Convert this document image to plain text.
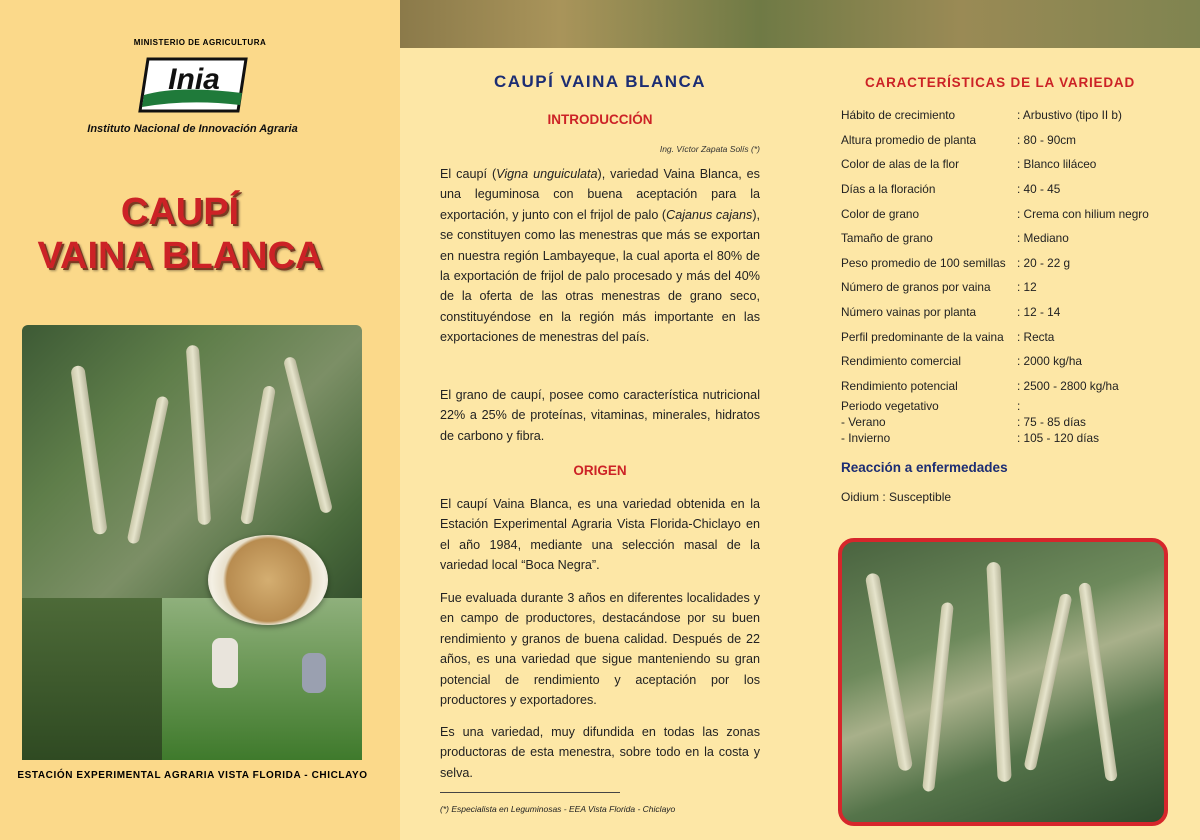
MINISTERIO DE AGRICULTURA
Inia
Instituto Nacional de Innovación Agraria
CAUPÍ
VAINA BLANCA
ESTACIÓN EXPERIMENTAL AGRARIA VISTA FLORIDA - CHICLAYO
CAUPÍ VAINA BLANCA
INTRODUCCIÓN
Ing. Víctor Zapata Solís (*)
El caupí (Vigna unguiculata), variedad Vaina Blanca, es una leguminosa con buena aceptación para la exportación, y junto con el frijol de palo (Cajanus cajans), se constituyen como las menestras que más se exportan en nuestra región Lambayeque, la cual aporta el 80% de la exportación de frijol de palo procesado y más del 40% de la oferta de las otras menestras de grano seco, constituyéndose en la región más importante en las exportaciones de menestras del país.
El grano de caupí, posee como característica nutricional 22% a 25% de proteínas, vitaminas, minerales, hidratos de carbono y fibra.
ORIGEN
El caupí Vaina Blanca, es una variedad obtenida en la Estación Experimental Agraria Vista Florida-Chiclayo en el año 1984, mediante una selección masal de la variedad local “Boca Negra”.
Fue evaluada durante 3 años en diferentes localidades y en campo de productores, destacándose por su buen rendimiento y granos de buena calidad. Después de 22 años, es una variedad que sigue manteniendo su gran potencial de rendimiento y aceptación por los productores y exportadores.
Es una variedad, muy difundida en todas las zonas productoras de esta menestra, sobre todo en la costa y selva.
(*) Especialista en Leguminosas - EEA Vista Florida - Chiclayo
CARACTERÍSTICAS DE LA VARIEDAD
Hábito de crecimiento	: Arbustivo (tipo II b)
Altura promedio de planta	: 80 - 90cm
Color de alas de la flor	: Blanco liláceo
Días a la floración	: 40 - 45
Color de grano	: Crema con hilium negro
Tamaño de grano	: Mediano
Peso promedio de 100 semillas : 20 - 22 g
Número de granos por vaina	: 12
Número vainas por planta	: 12 - 14
Perfil predominante de la vaina	: Recta
Rendimiento comercial	: 2000 kg/ha
Rendimiento potencial	: 2500 - 2800 kg/ha
Periodo vegetativo	:
- Verano	: 75 - 85 días
- Invierno	: 105 - 120 días
Reacción a enfermedades
Oidium : Susceptible
